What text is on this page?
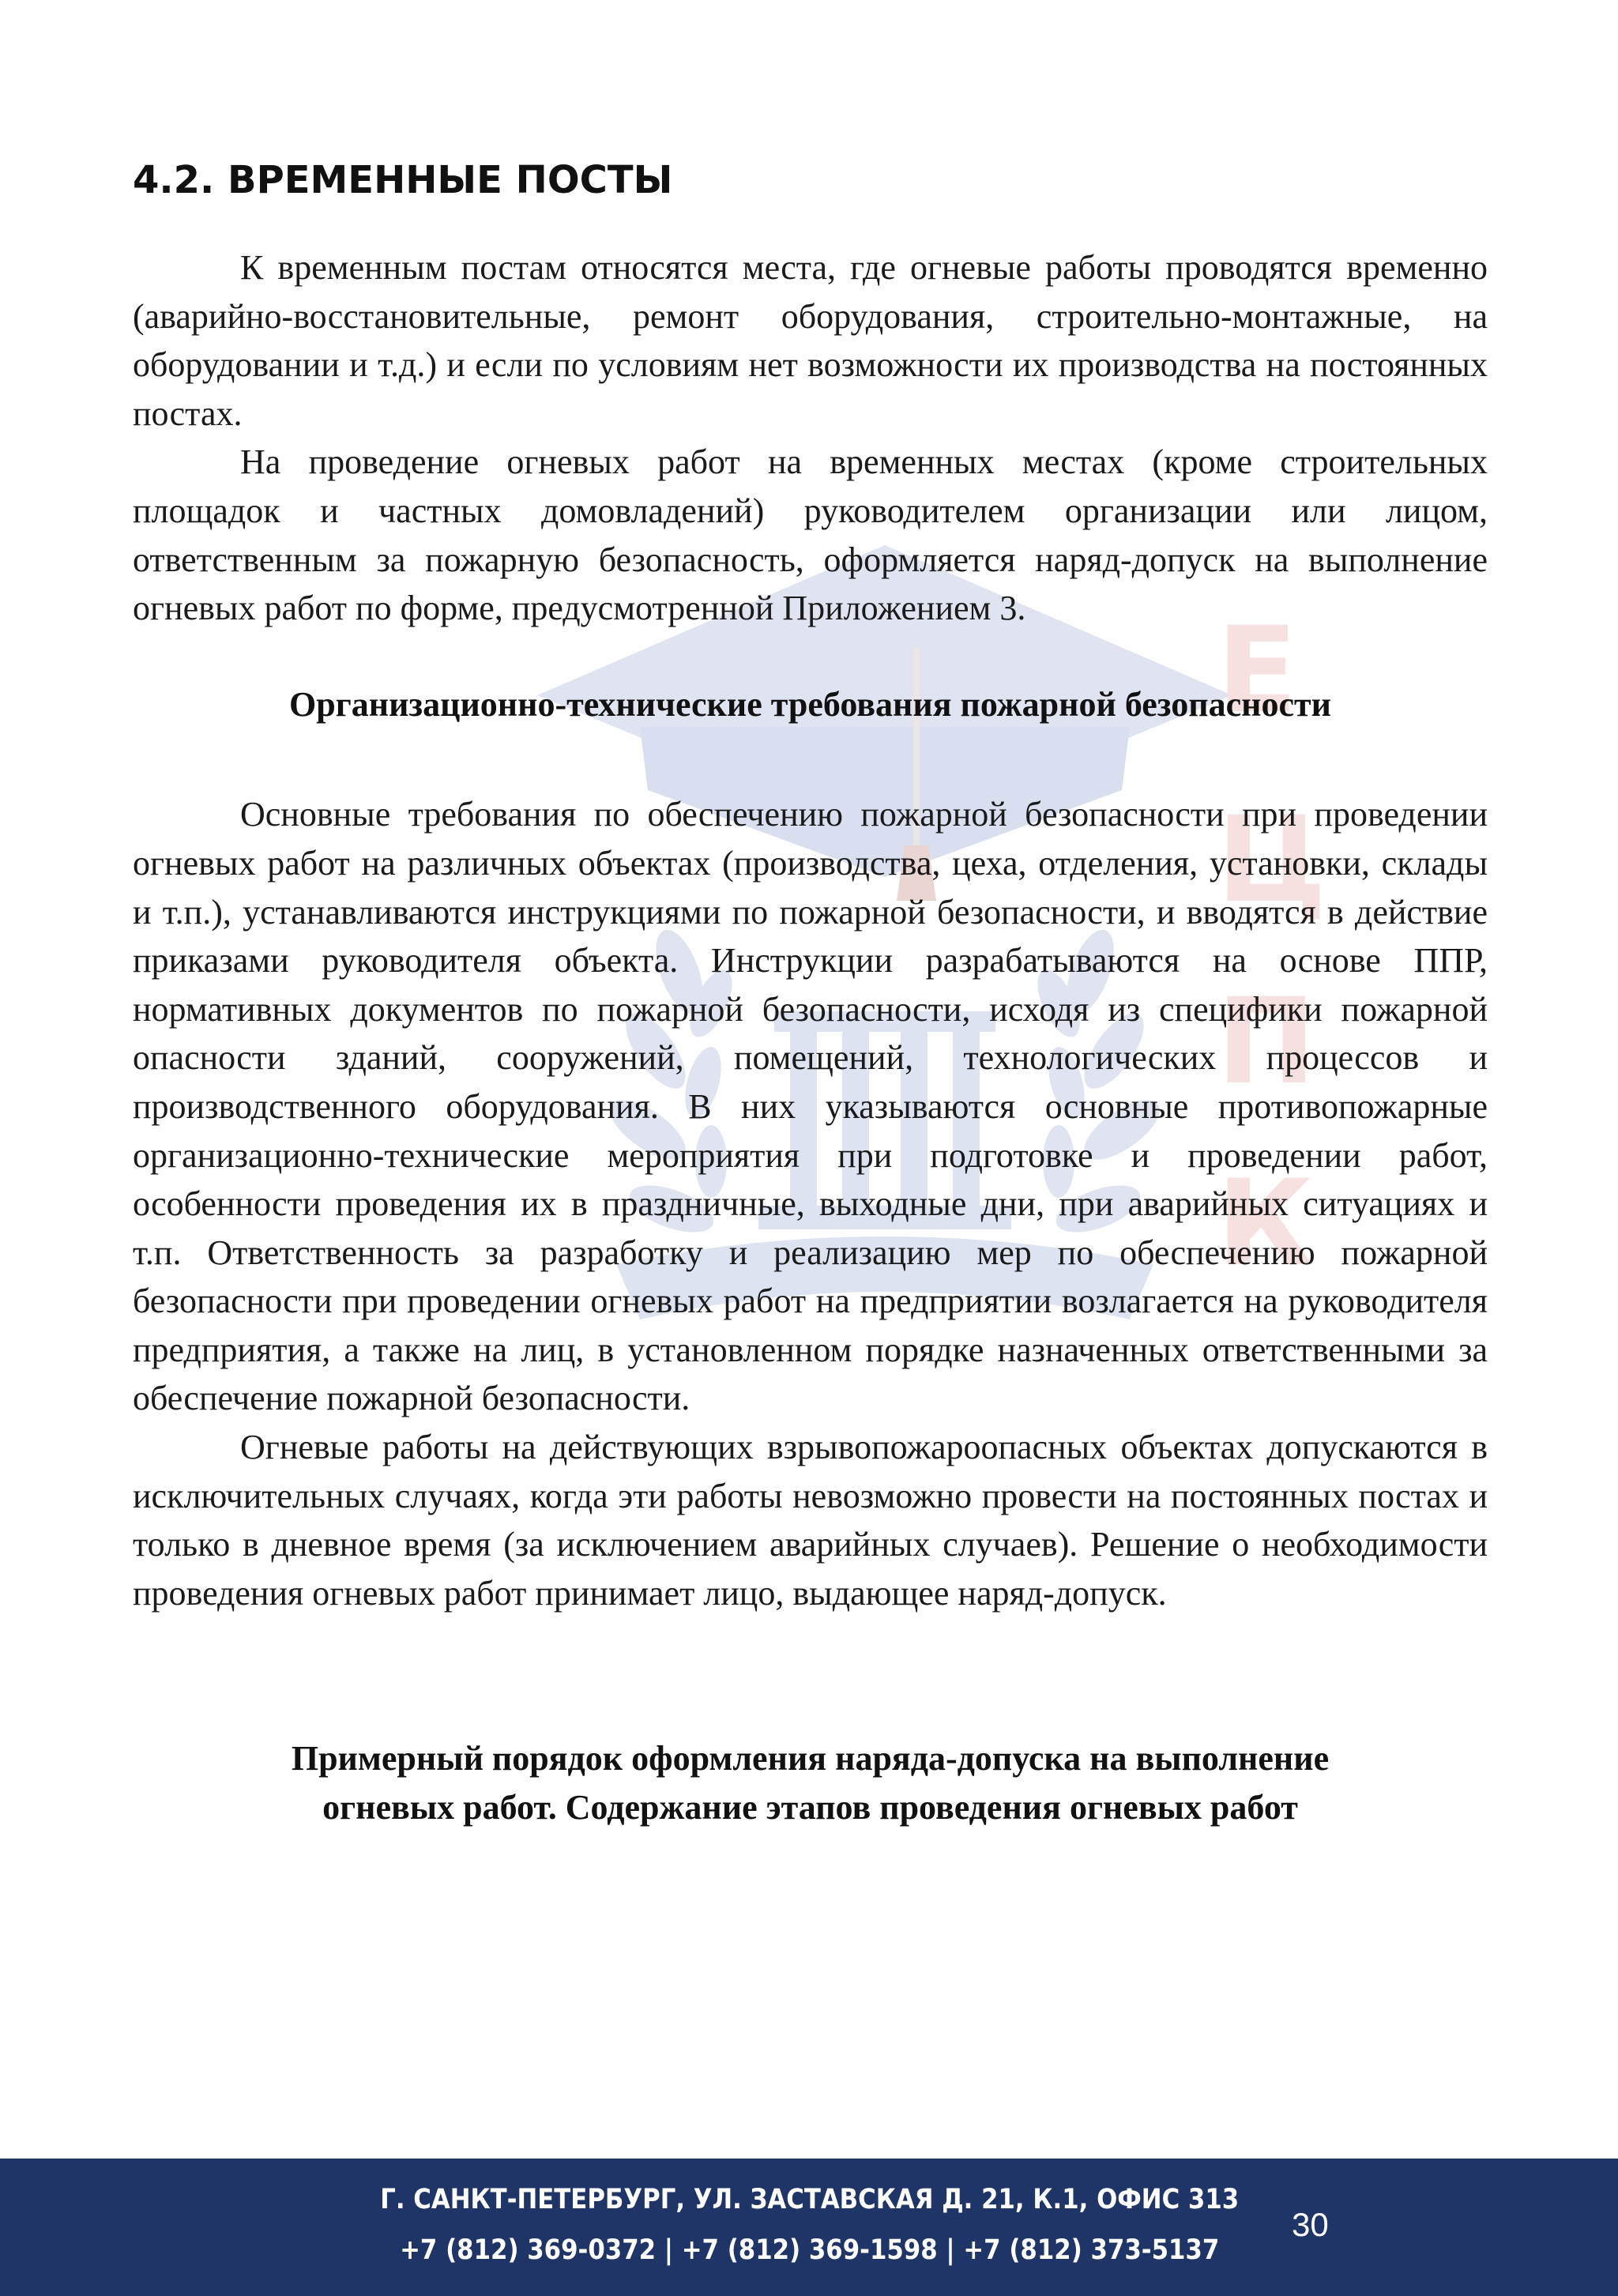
Е
Ц
П
К
4.2. ВРЕМЕННЫЕ ПОСТЫ

К временным постам относятся места, где огневые работы проводятся временно (аварийно-восстановительные, ремонт оборудования, строительно-монтажные, на оборудовании и т.д.) и если по условиям нет возможности их производства на постоянных постах.

На проведение огневых работ на временных местах (кроме строительных площадок и частных домовладений) руководителем организации или лицом, ответственным за пожарную безопасность, оформляется наряд-допуск на выполнение огневых работ по форме, предусмотренной Приложением 3.

Организационно-технические требования пожарной безопасности

Основные требования по обеспечению пожарной безопасности при проведении огневых работ на различных объектах (производства, цеха, отделения, установки, склады и т.п.), устанавливаются инструкциями по пожарной безопасности, и вводятся в действие приказами руководителя объекта. Инструкции разрабатываются на основе ППР, нормативных документов по пожарной безопасности, исходя из специфики пожарной опасности зданий, сооружений, помещений, технологических процессов и производственного оборудования. В них указываются основные противопожарные организационно-технические мероприятия при подготовке и проведении работ, особенности проведения их в праздничные, выходные дни, при аварийных ситуациях и т.п. Ответственность за разработку и реализацию мер по обеспечению пожарной безопасности при проведении огневых работ на предприятии возлагается на руководителя предприятия, а также на лиц, в установленном порядке назначенных ответственными за обеспечение пожарной безопасности.

Огневые работы на действующих взрывопожароопасных объектах допускаются в исключительных случаях, когда эти работы невозможно провести на постоянных постах и только в дневное время (за исключением аварийных случаев). Решение о необходимости проведения огневых работ принимает лицо, выдающее наряд-допуск.

Примерный порядок оформления наряда-допуска на выполнение
огневых работ. Содержание этапов проведения огневых работ
Г. САНКТ-ПЕТЕРБУРГ, УЛ. ЗАСТАВСКАЯ Д. 21, К.1, ОФИС 313
+7 (812) 369-0372 | +7 (812) 369-1598 | +7 (812) 373-5137
30
